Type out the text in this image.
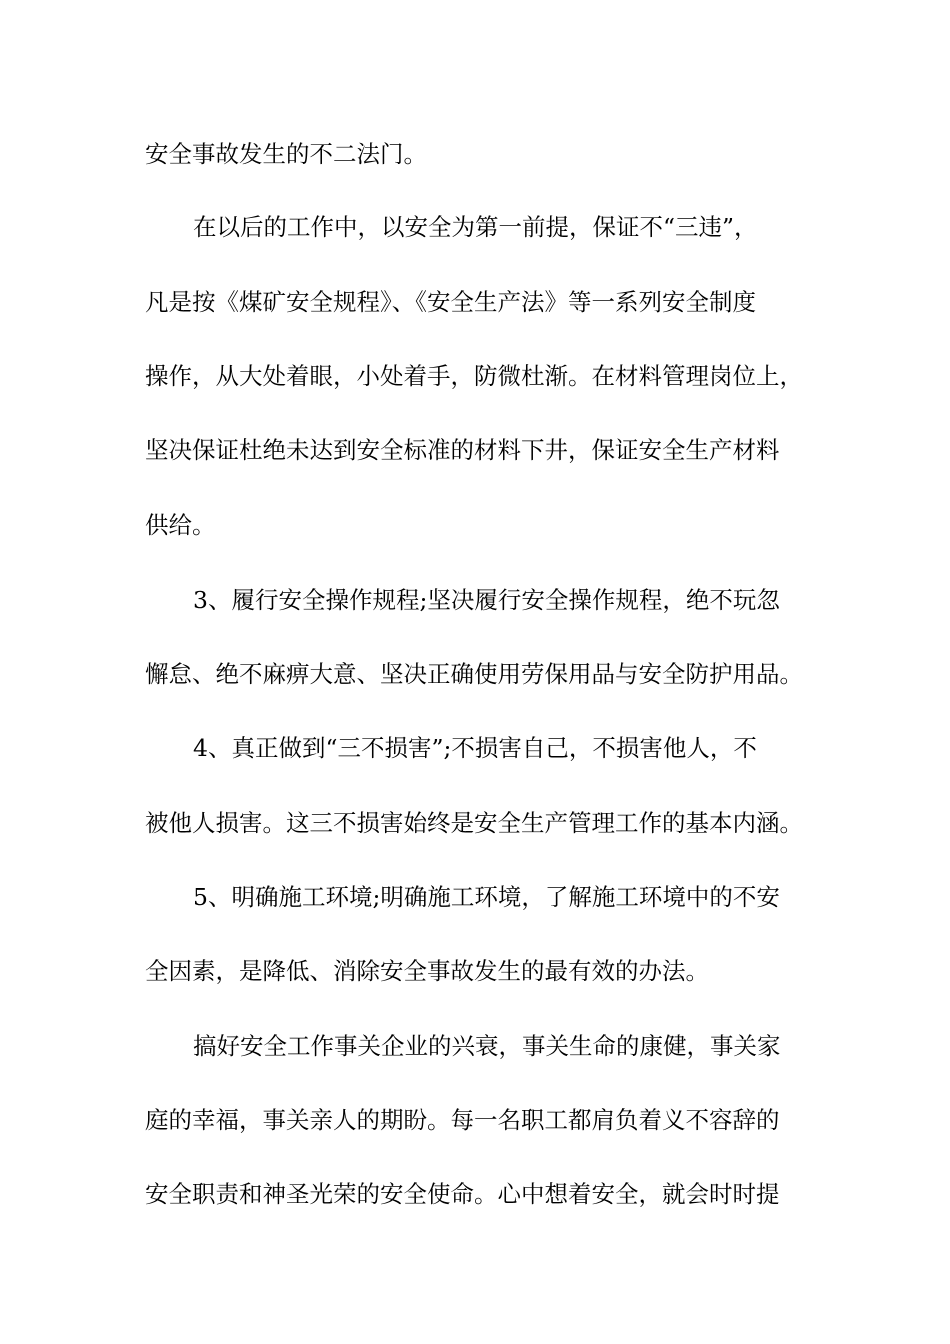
安全事故发生的不二法门。
在以后的工作中，以安全为第一前提，保证不“三违”，
凡是按《煤矿安全规程》、《安全生产法》等一系列安全制度
操作，从大处着眼，小处着手，防微杜渐。在材料管理岗位上，
坚决保证杜绝未达到安全标准的材料下井，保证安全生产材料
供给。
3、履行安全操作规程;坚决履行安全操作规程，绝不玩忽
懈怠、绝不麻痹大意、坚决正确使用劳保用品与安全防护用品。
4、真正做到“三不损害”;不损害自己，不损害他人，不
被他人损害。这三不损害始终是安全生产管理工作的基本内涵。
5、明确施工环境;明确施工环境，了解施工环境中的不安
全因素，是降低、消除安全事故发生的最有效的办法。
搞好安全工作事关企业的兴衰，事关生命的康健，事关家
庭的幸福，事关亲人的期盼。每一名职工都肩负着义不容辞的
安全职责和神圣光荣的安全使命。心中想着安全，就会时时提
